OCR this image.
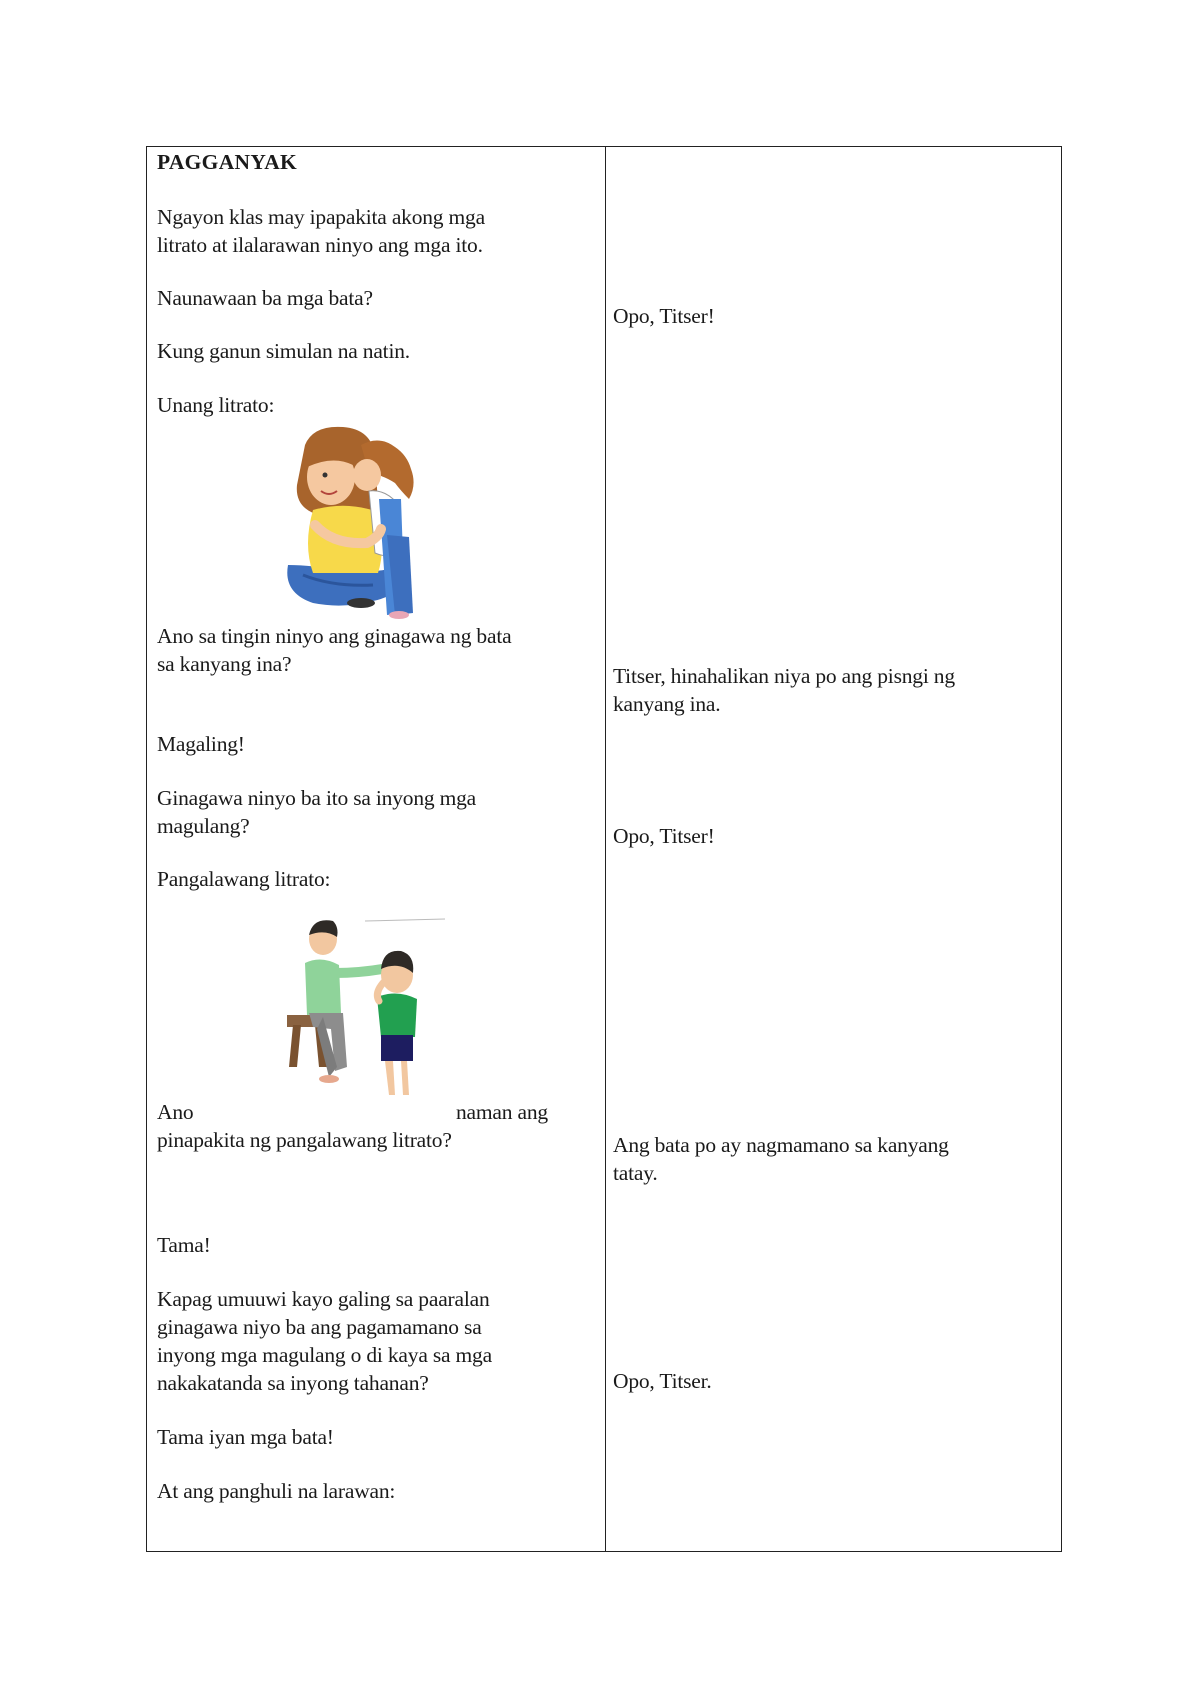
PAGGANYAK
Ngayon klas may ipapakita akong mga
litrato at ilalarawan ninyo ang mga ito.
Naunawaan ba mga bata?
Kung ganun simulan na natin.
Unang litrato:
Ano sa tingin ninyo ang ginagawa ng bata
sa kanyang ina?
Magaling!
Ginagawa ninyo ba ito sa inyong mga
magulang?
Pangalawang litrato:
Ano	naman ang
pinapakita ng pangalawang litrato?
Tama!
Kapag umuuwi kayo galing sa paaralan
ginagawa niyo ba ang pagamamano sa
inyong mga magulang o di kaya sa mga
nakakatanda sa inyong tahanan?
Tama iyan mga bata!
At ang panghuli na larawan:
Opo, Titser!
Titser, hinahalikan niya po ang pisngi ng
kanyang ina.
Opo, Titser!
Ang bata po ay nagmamano sa kanyang
tatay.
Opo, Titser.
